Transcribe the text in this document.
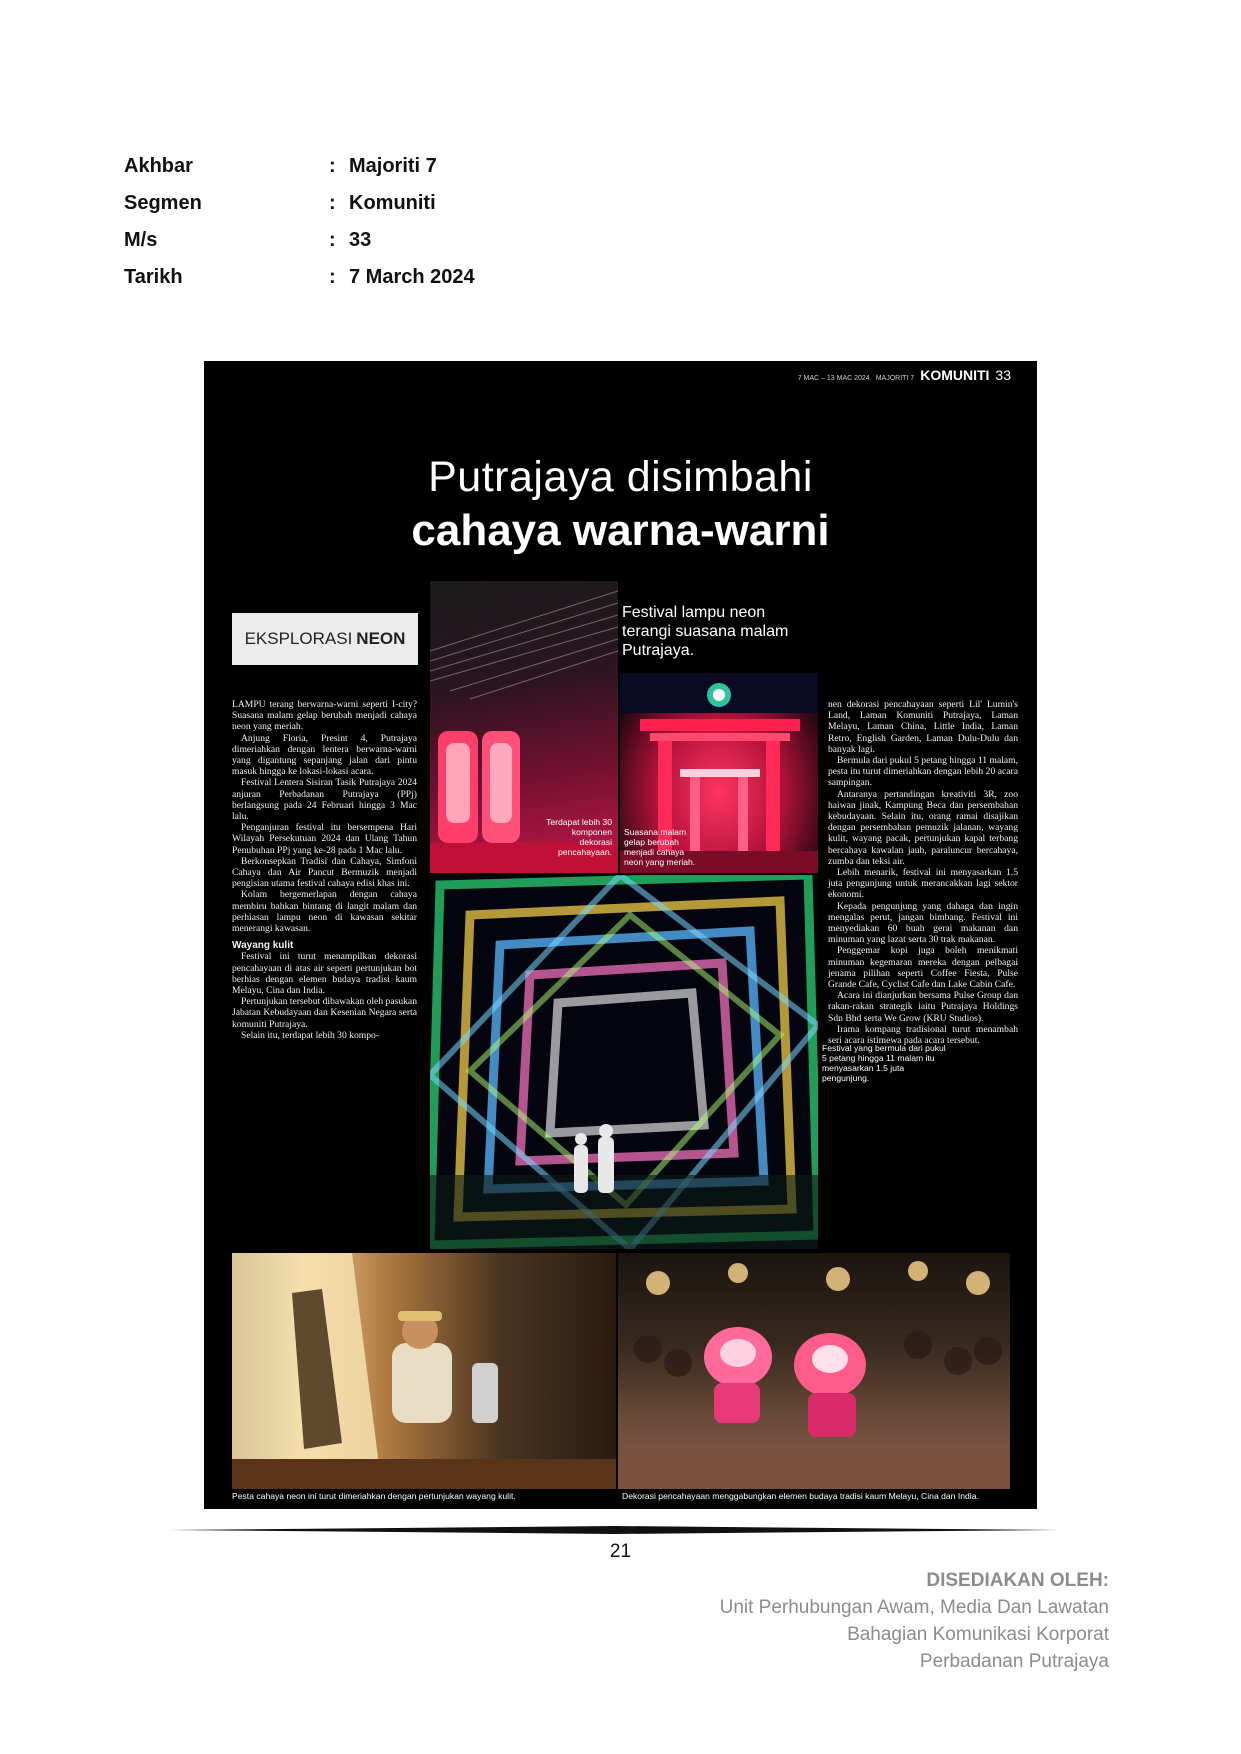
Akhbar	: Majoriti 7
Segmen	: Komuniti
M/s	: 33
Tarikh	: 7 March 2024
7 MAC – 13 MAC 2024 MAJORITI 7 KOMUNITI 33
Putrajaya disimbahi
cahaya warna-warni
EKSPLORASI NEON
Festival lampu neon terangi suasana malam Putrajaya.

LAMPU terang berwarna-warni seperti I-city? Suasana malam gelap berubah menjadi cahaya neon yang meriah.

Anjung Floria, Presint 4, Putrajaya dimeriahkan dengan lentera berwarna-warni yang digantung sepanjang jalan dari pintu masuk hingga ke lokasi-lokasi acara.

Festival Lentera Sisiran Tasik Putrajaya 2024 anjuran Perbadanan Putrajaya (PPj) berlangsung pada 24 Februari hingga 3 Mac lalu.

Penganjuran festival itu bersempena Hari Wilayah Persekutuan 2024 dan Ulang Tahun Penubuhan PPj yang ke-28 pada 1 Mac lalu.

Berkonsepkan Tradisi dan Cahaya, Simfoni Cahaya dan Air Pancut Bermuzik menjadi pengisian utama festival cahaya edisi khas ini.

Kolam bergemerlapan dengan cahaya membiru bahkan bintang di langit malam dan perhiasan lampu neon di kawasan sekitar menerangi kawasan.

Wayang kulit

Festival ini turut menampilkan dekorasi pencahayaan di atas air seperti pertunjukan bot berhias dengan elemen budaya tradisi kaum Melayu, Cina dan India.

Pertunjukan tersebut dibawakan oleh pasukan Jabatan Kebudayaan dan Kesenian Negara serta komuniti Putrajaya.

Selain itu, terdapat lebih 30 kompo-

nen dekorasi pencahayaan seperti Lil' Lumin's Land, Laman Komuniti Putrajaya, Laman Melayu, Laman China, Little India, Laman Retro, English Garden, Laman Dulu-Dulu dan banyak lagi.

Bermula dari pukul 5 petang hingga 11 malam, pesta itu turut dimeriahkan dengan lebih 20 acara sampingan.

Antaranya pertandingan kreativiti 3R, zoo haiwan jinak, Kampung Beca dan persembahan kebudayaan. Selain itu, orang ramai disajikan dengan persembahan pemuzik jalanan, wayang kulit, wayang pacak, pertunjukan kapal terbang bercahaya kawalan jauh, paraluncur bercahaya, zumba dan teksi air.

Lebih menarik, festival ini menyasarkan 1.5 juta pengunjung untuk merancakkan lagi sektor ekonomi.

Kepada pengunjung yang dahaga dan ingin mengalas perut, jangan bimbang. Festival ini menyediakan 60 buah gerai makanan dan minuman yang lazat serta 30 trak makanan.

Penggemar kopi juga boleh menikmati minuman kegemaran mereka dengan pelbagai jenama pilihan seperti Coffee Fiesta, Pulse Grande Cafe, Cyclist Cafe dan Lake Cabin Cafe.

Acara ini dianjurkan bersama Pulse Group dan rakan-rakan strategik iaitu Putrajaya Holdings Sdn Bhd serta We Grow (KRU Studios).

Irama kompang tradisional turut menambah seri acara istimewa pada acara tersebut.

Terdapat lebih 30 komponen dekorasi pencahayaan.
Suasana malam gelap berubah menjadi cahaya neon yang meriah.
Festival yang bermula dari pukul 5 petang hingga 11 malam itu menyasarkan 1.5 juta pengunjung.
Pesta cahaya neon ini turut dimeriahkan dengan pertunjukan wayang kulit.	Dekorasi pencahayaan menggabungkan elemen budaya tradisi kaum Melayu, Cina dan India.
21
DISEDIAKAN OLEH:
Unit Perhubungan Awam, Media Dan Lawatan
Bahagian Komunikasi Korporat
Perbadanan Putrajaya
